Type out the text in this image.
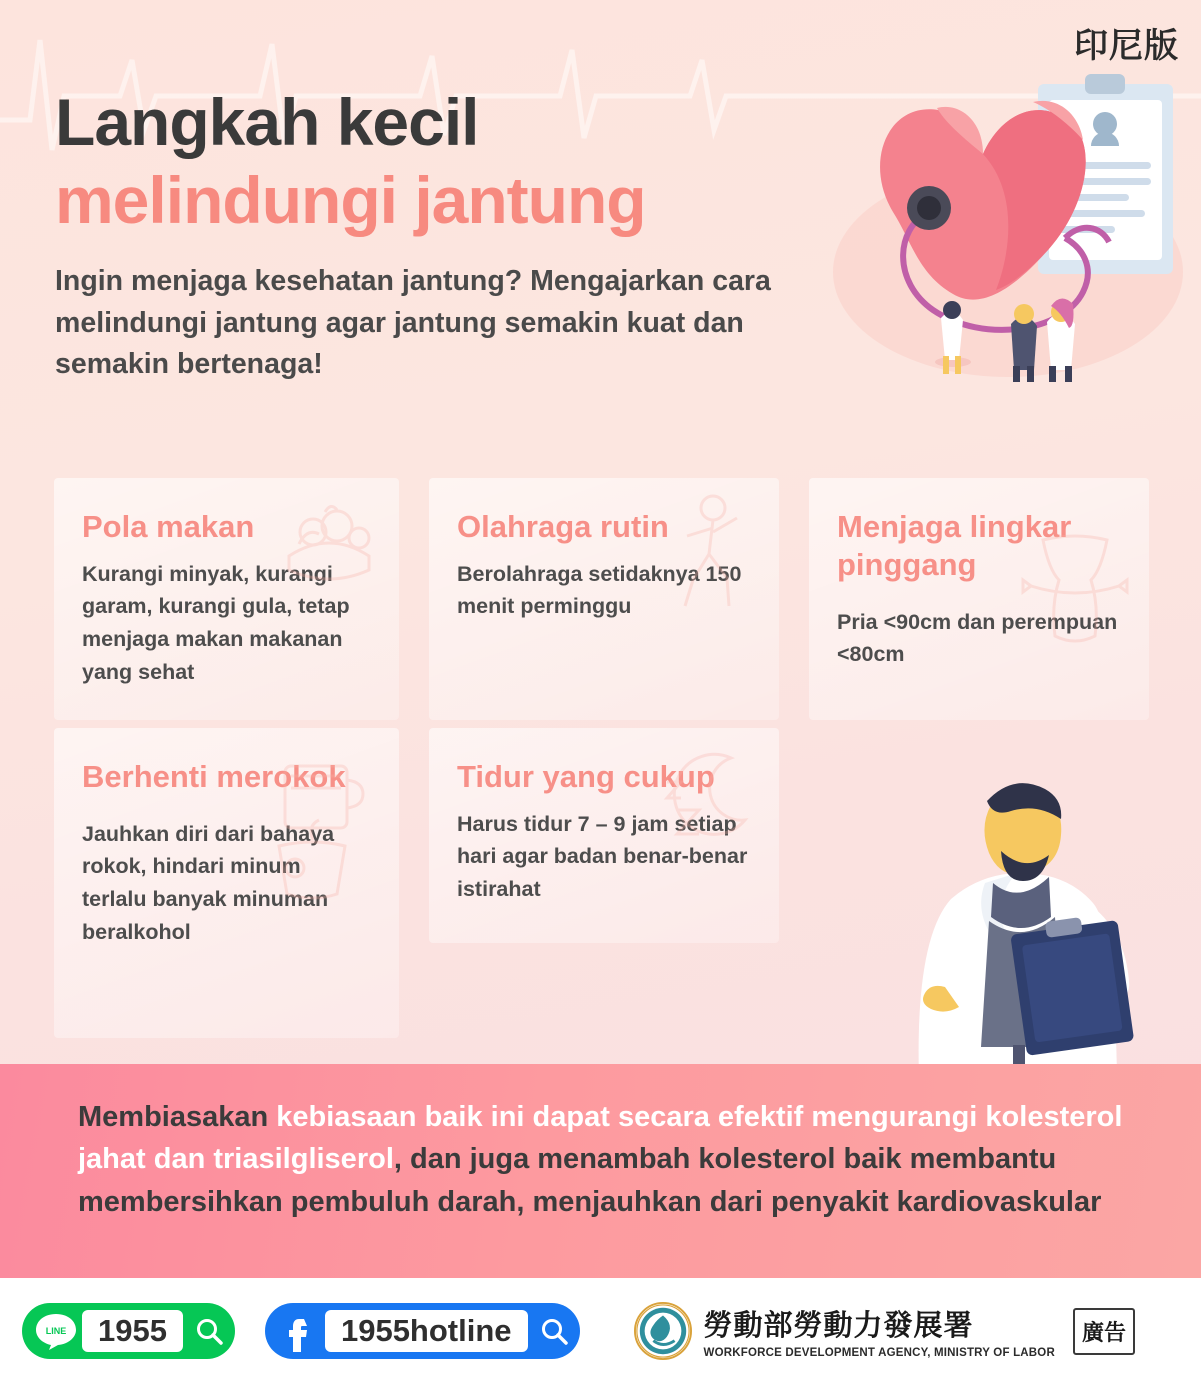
印尼版
Langkah kecil
melindungi jantung
Ingin menjaga kesehatan jantung? Mengajarkan cara melindungi jantung agar jantung semakin kuat dan semakin bertenaga!
Pola makan
Kurangi minyak, kurangi garam, kurangi gula, tetap menjaga makan makanan yang sehat
Olahraga rutin
Berolahraga setidaknya 150 menit perminggu
Menjaga lingkar pinggang
Pria <90cm dan perempuan <80cm
Berhenti merokok
Jauhkan diri dari bahaya rokok, hindari minum terlalu banyak minuman beralkohol
Tidur yang cukup
Harus tidur 7 – 9 jam setiap hari agar badan benar-benar istirahat

Membiasakan kebiasaan baik ini dapat secara efektif mengurangi kolesterol jahat dan triasilgliserol, dan juga menambah kolesterol baik membantu membersihkan pembuluh darah, menjauhkan dari penyakit kardiovaskular

LINE	1955	1955hotline	勞動部勞動力發展署
WORKFORCE DEVELOPMENT AGENCY, MINISTRY OF LABOR
廣告
